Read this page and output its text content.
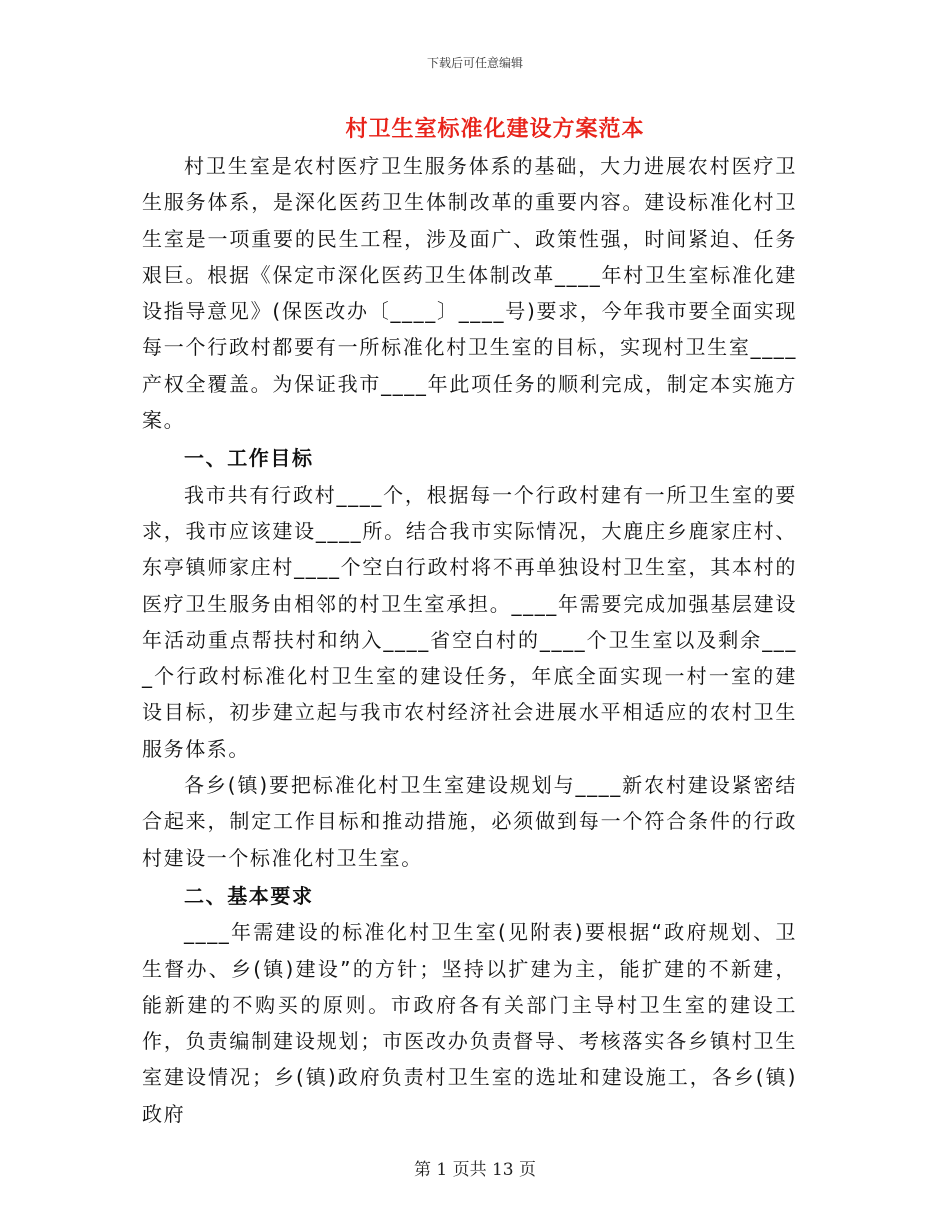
下载后可任意编辑
村卫生室标准化建设方案范本

村卫生室是农村医疗卫生服务体系的基础，大力进展农村医疗卫生服务体系，是深化医药卫生体制改革的重要内容。建设标准化村卫生室是一项重要的民生工程，涉及面广、政策性强，时间紧迫、任务艰巨。根据《保定市深化医药卫生体制改革____年村卫生室标准化建设指导意见》(保医改办〔____〕____号)要求，今年我市要全面实现每一个行政村都要有一所标准化村卫生室的目标，实现村卫生室____产权全覆盖。为保证我市____年此项任务的顺利完成，制定本实施方案。

一、工作目标

我市共有行政村____个，根据每一个行政村建有一所卫生室的要求，我市应该建设____所。结合我市实际情况，大鹿庄乡鹿家庄村、东亭镇师家庄村____个空白行政村将不再单独设村卫生室，其本村的医疗卫生服务由相邻的村卫生室承担。____年需要完成加强基层建设年活动重点帮扶村和纳入____省空白村的____个卫生室以及剩余____个行政村标准化村卫生室的建设任务，年底全面实现一村一室的建设目标，初步建立起与我市农村经济社会进展水平相适应的农村卫生服务体系。

各乡(镇)要把标准化村卫生室建设规划与____新农村建设紧密结合起来，制定工作目标和推动措施，必须做到每一个符合条件的行政村建设一个标准化村卫生室。

二、基本要求

____年需建设的标准化村卫生室(见附表)要根据“政府规划、卫生督办、乡(镇)建设”的方针；坚持以扩建为主，能扩建的不新建，能新建的不购买的原则。市政府各有关部门主导村卫生室的建设工作，负责编制建设规划；市医改办负责督导、考核落实各乡镇村卫生室建设情况；乡(镇)政府负责村卫生室的选址和建设施工，各乡(镇)政府

第 1 页共 13 页
